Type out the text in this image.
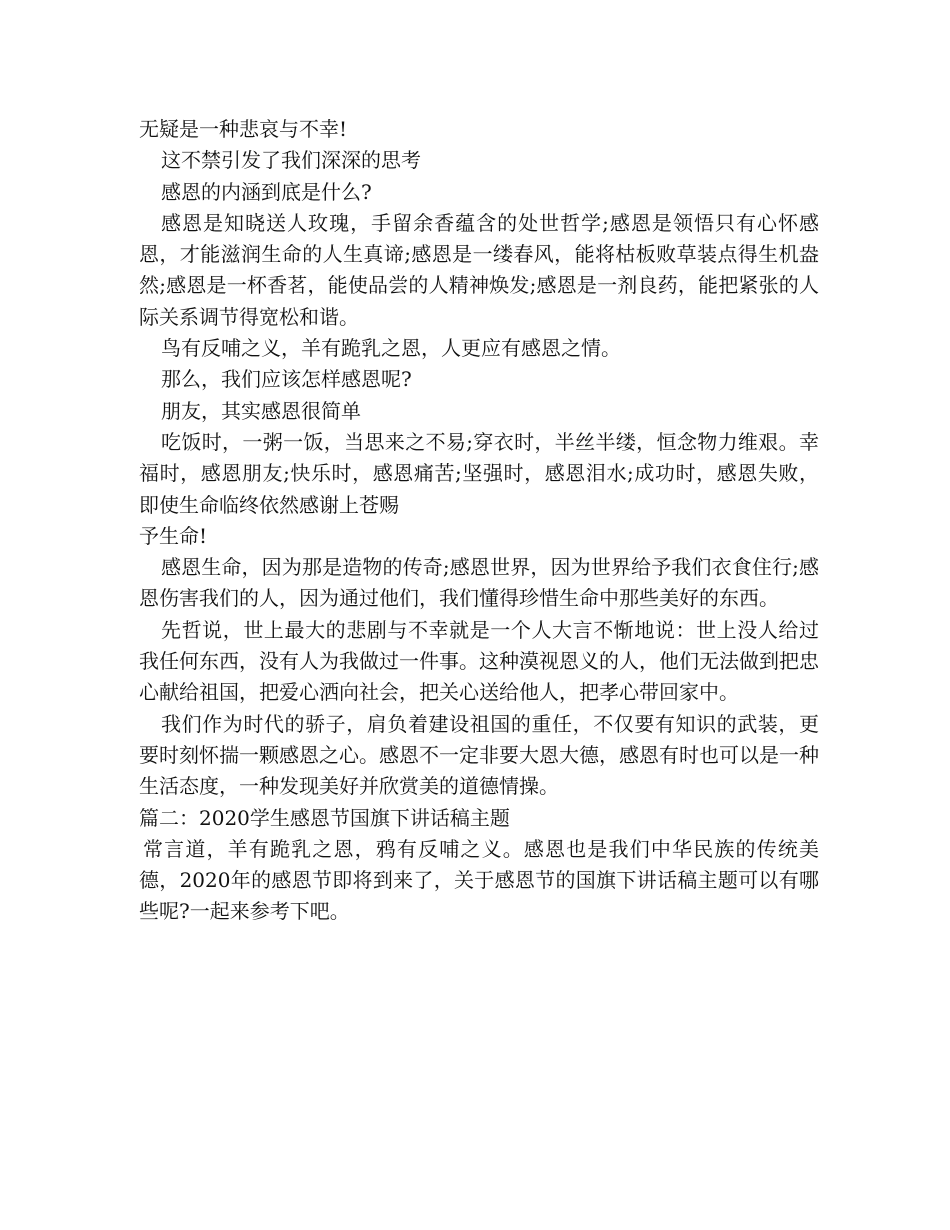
无疑是一种悲哀与不幸!

这不禁引发了我们深深的思考

感恩的内涵到底是什么?

感恩是知晓送人玫瑰，手留余香蕴含的处世哲学;感恩是领悟只有心怀感恩，才能滋润生命的人生真谛;感恩是一缕春风，能将枯板败草装点得生机盎然;感恩是一杯香茗，能使品尝的人精神焕发;感恩是一剂良药，能把紧张的人际关系调节得宽松和谐。

鸟有反哺之义，羊有跪乳之恩，人更应有感恩之情。

那么，我们应该怎样感恩呢?

朋友，其实感恩很简单

吃饭时，一粥一饭，当思来之不易;穿衣时，半丝半缕，恒念物力维艰。幸福时，感恩朋友;快乐时，感恩痛苦;坚强时，感恩泪水;成功时，感恩失败，即使生命临终依然感谢上苍赐

予生命!

感恩生命，因为那是造物的传奇;感恩世界，因为世界给予我们衣食住行;感恩伤害我们的人，因为通过他们，我们懂得珍惜生命中那些美好的东西。

先哲说，世上最大的悲剧与不幸就是一个人大言不惭地说：世上没人给过我任何东西，没有人为我做过一件事。这种漠视恩义的人，他们无法做到把忠心献给祖国，把爱心洒向社会，把关心送给他人，把孝心带回家中。

我们作为时代的骄子，肩负着建设祖国的重任，不仅要有知识的武装，更要时刻怀揣一颗感恩之心。感恩不一定非要大恩大德，感恩有时也可以是一种生活态度，一种发现美好并欣赏美的道德情操。

篇二：2020学生感恩节国旗下讲话稿主题

常言道，羊有跪乳之恩，鸦有反哺之义。感恩也是我们中华民族的传统美德，2020年的感恩节即将到来了，关于感恩节的国旗下讲话稿主题可以有哪些呢?一起来参考下吧。
